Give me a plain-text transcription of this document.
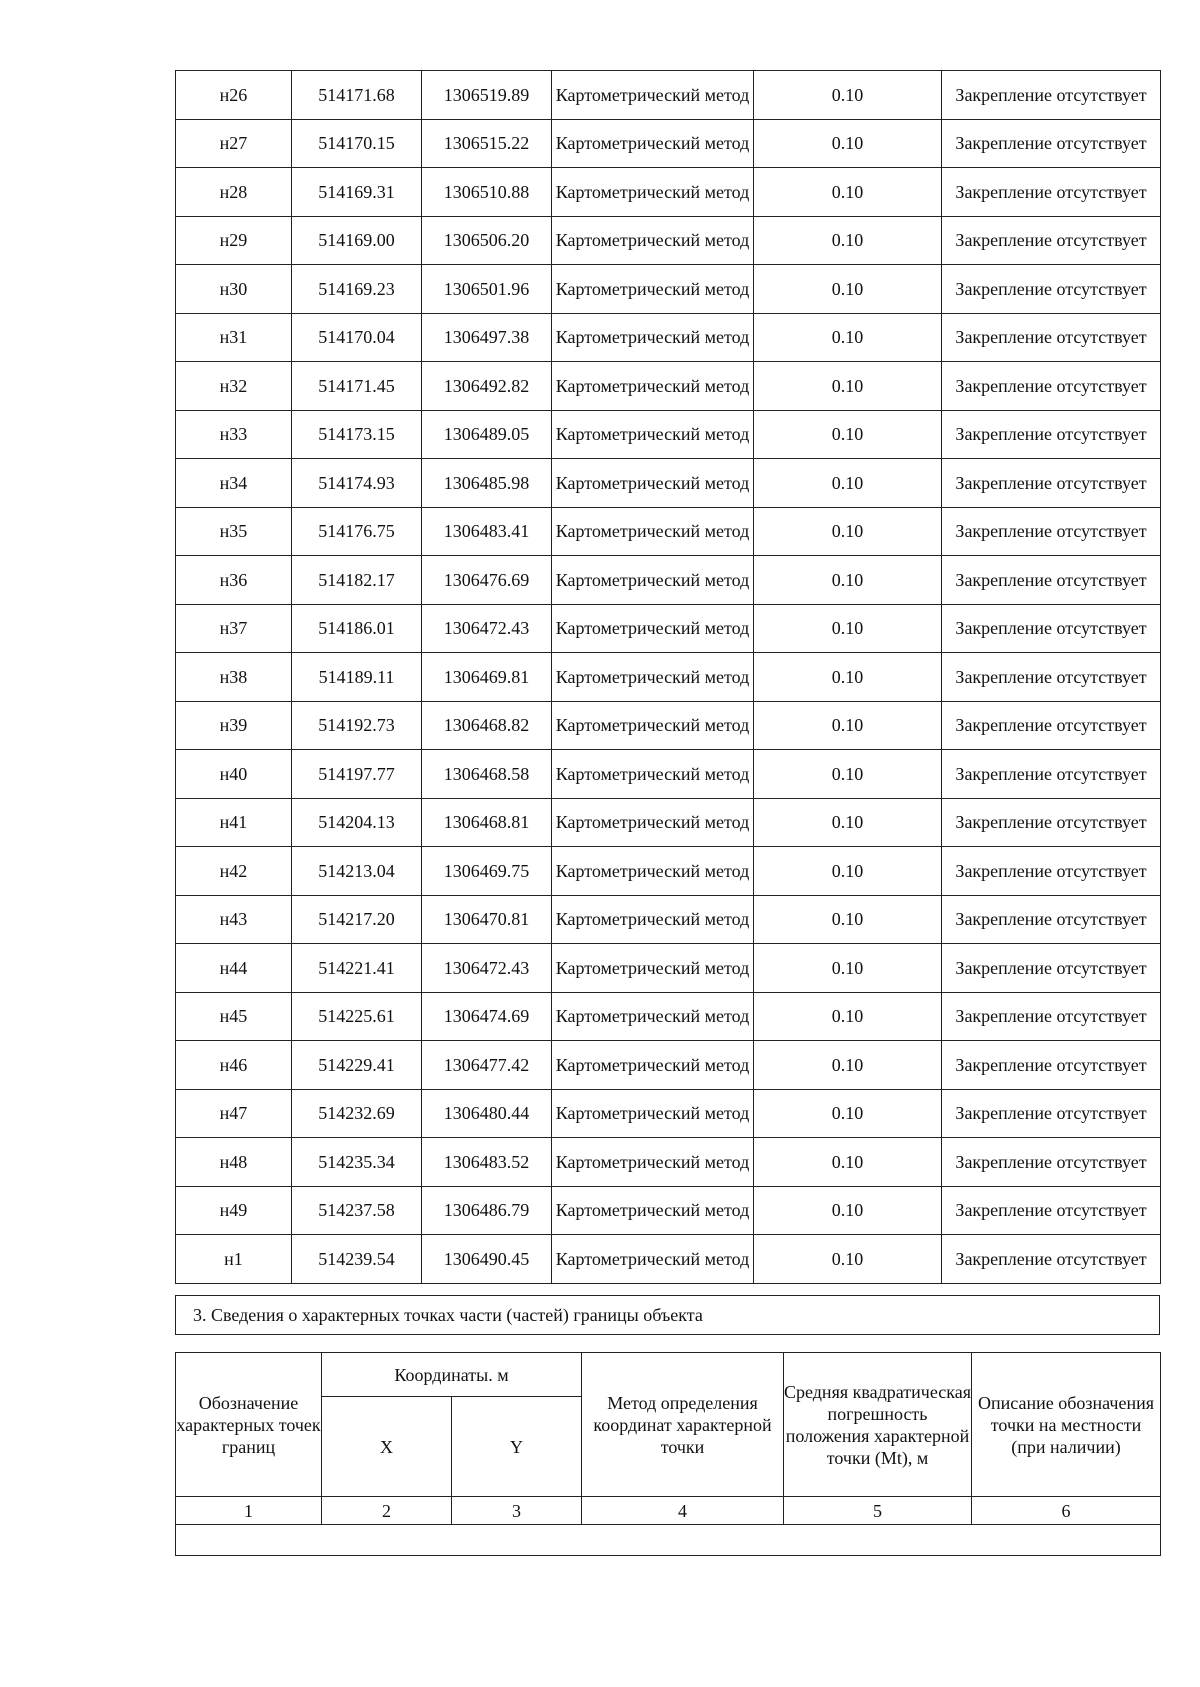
н26	514171.68	1306519.89	Картометрический метод	0.10	Закрепление отсутствует
н27	514170.15	1306515.22	Картометрический метод	0.10	Закрепление отсутствует
н28	514169.31	1306510.88	Картометрический метод	0.10	Закрепление отсутствует
н29	514169.00	1306506.20	Картометрический метод	0.10	Закрепление отсутствует
н30	514169.23	1306501.96	Картометрический метод	0.10	Закрепление отсутствует
н31	514170.04	1306497.38	Картометрический метод	0.10	Закрепление отсутствует
н32	514171.45	1306492.82	Картометрический метод	0.10	Закрепление отсутствует
н33	514173.15	1306489.05	Картометрический метод	0.10	Закрепление отсутствует
н34	514174.93	1306485.98	Картометрический метод	0.10	Закрепление отсутствует
н35	514176.75	1306483.41	Картометрический метод	0.10	Закрепление отсутствует
н36	514182.17	1306476.69	Картометрический метод	0.10	Закрепление отсутствует
н37	514186.01	1306472.43	Картометрический метод	0.10	Закрепление отсутствует
н38	514189.11	1306469.81	Картометрический метод	0.10	Закрепление отсутствует
н39	514192.73	1306468.82	Картометрический метод	0.10	Закрепление отсутствует
н40	514197.77	1306468.58	Картометрический метод	0.10	Закрепление отсутствует
н41	514204.13	1306468.81	Картометрический метод	0.10	Закрепление отсутствует
н42	514213.04	1306469.75	Картометрический метод	0.10	Закрепление отсутствует
н43	514217.20	1306470.81	Картометрический метод	0.10	Закрепление отсутствует
н44	514221.41	1306472.43	Картометрический метод	0.10	Закрепление отсутствует
н45	514225.61	1306474.69	Картометрический метод	0.10	Закрепление отсутствует
н46	514229.41	1306477.42	Картометрический метод	0.10	Закрепление отсутствует
н47	514232.69	1306480.44	Картометрический метод	0.10	Закрепление отсутствует
н48	514235.34	1306483.52	Картометрический метод	0.10	Закрепление отсутствует
н49	514237.58	1306486.79	Картометрический метод	0.10	Закрепление отсутствует
н1	514239.54	1306490.45	Картометрический метод	0.10	Закрепление отсутствует
3. Сведения о характерных точках части (частей) границы объекта
Обозначение характерных точек границ	Координаты. м		Метод определения координат характерной точки	Средняя квадратическая погрешность положения характерной точки (Mt), м	Описание обозначения точки на местности (при наличии)
	X	Y			
1	2	3	4	5	6
